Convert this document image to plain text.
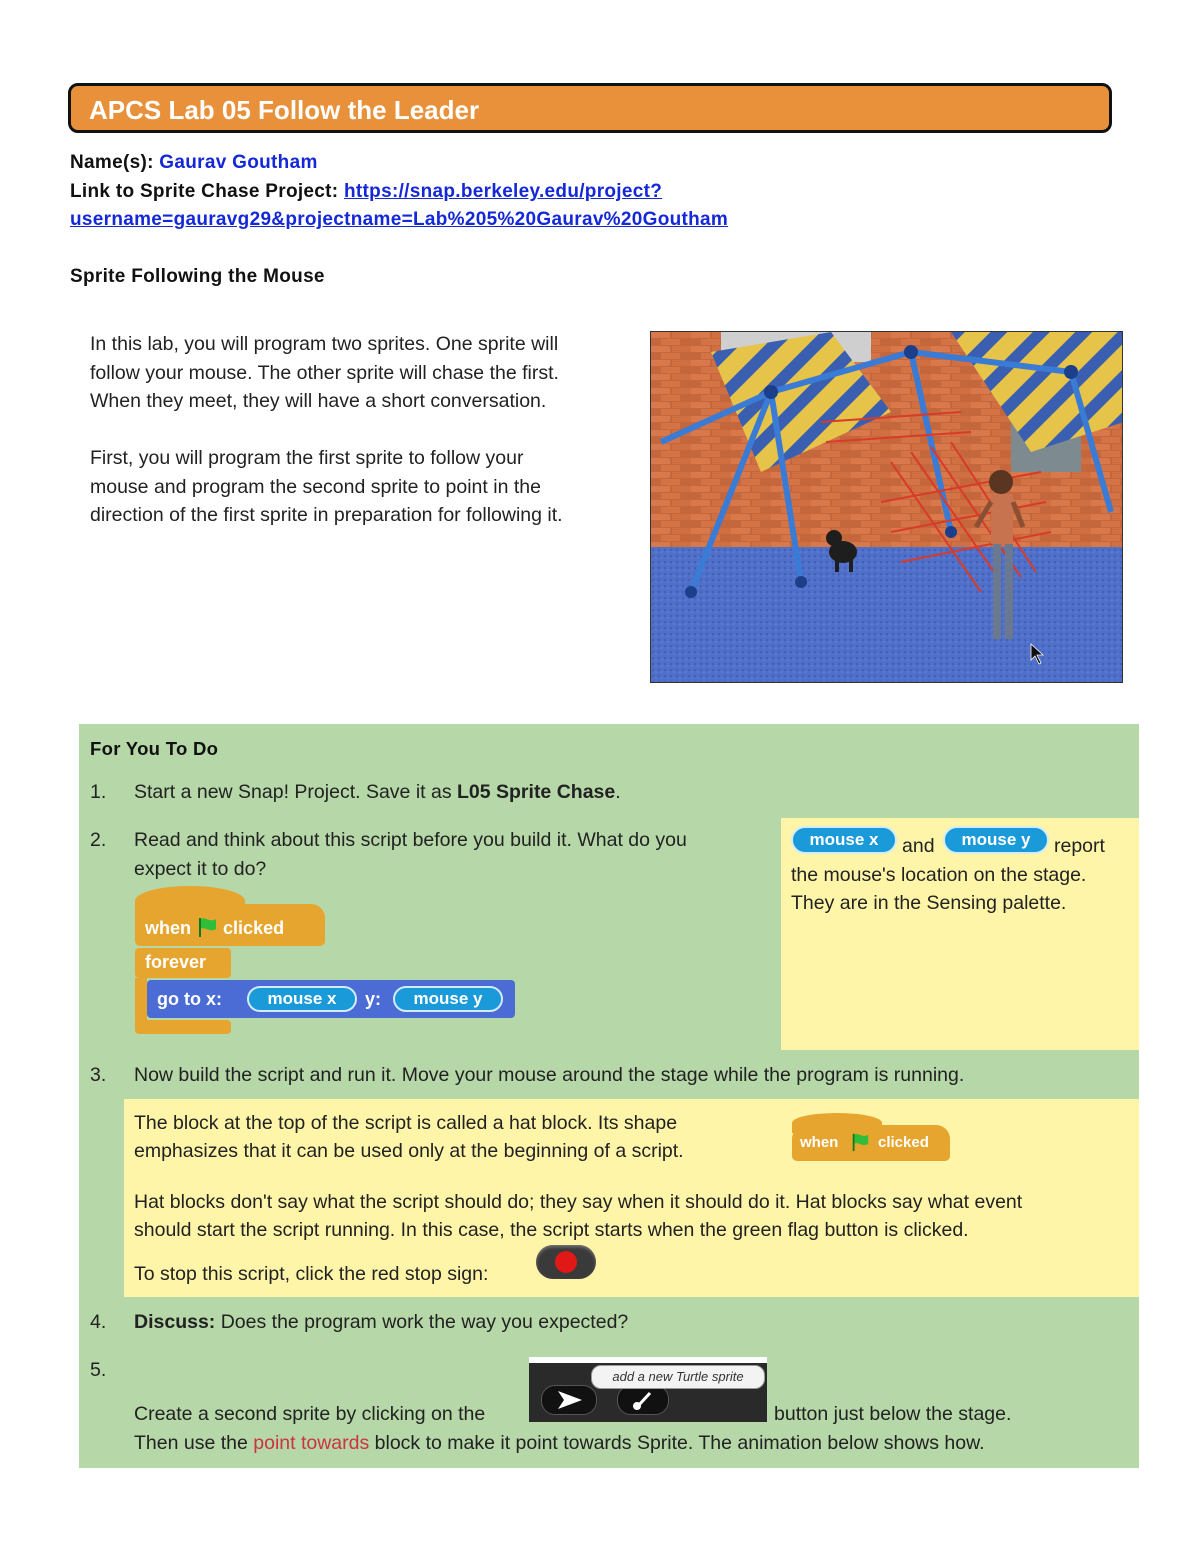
APCS Lab 05 Follow the Leader
Name(s): Gaurav Goutham
Link to Sprite Chase Project: https://snap.berkeley.edu/project?
username=gauravg29&projectname=Lab%205%20Gaurav%20Goutham
Sprite Following the Mouse
In this lab, you will program two sprites. One sprite will
follow your mouse. The other sprite will chase the first.
When they meet, they will have a short conversation.
First, you will program the first sprite to follow your
mouse and program the second sprite to point in the
direction of the first sprite in preparation for following it.
For You To Do
1. Start a new Snap! Project. Save it as L05 Sprite Chase.
2. Read and think about this script before you build it. What do you
expect it to do?
when clicked
forever
go to x:	mouse x	y:	mouse y
mouse x	and	mouse y	report
the mouse's location on the stage.
They are in the Sensing palette.
3. Now build the script and run it. Move your mouse around the stage while the program is running.
The block at the top of the script is called a hat block. Its shape
emphasizes that it can be used only at the beginning of a script.
Hat blocks don't say what the script should do; they say when it should do it. Hat blocks say what event
should start the script running. In this case, the script starts when the green flag button is clicked.
To stop this script, click the red stop sign:
when	clicked
4. Discuss: Does the program work the way you expected?
5.
Create a second sprite by clicking on the
add a new Turtle sprite
button just below the stage.
Then use the point towards block to make it point towards Sprite. The animation below shows how.
